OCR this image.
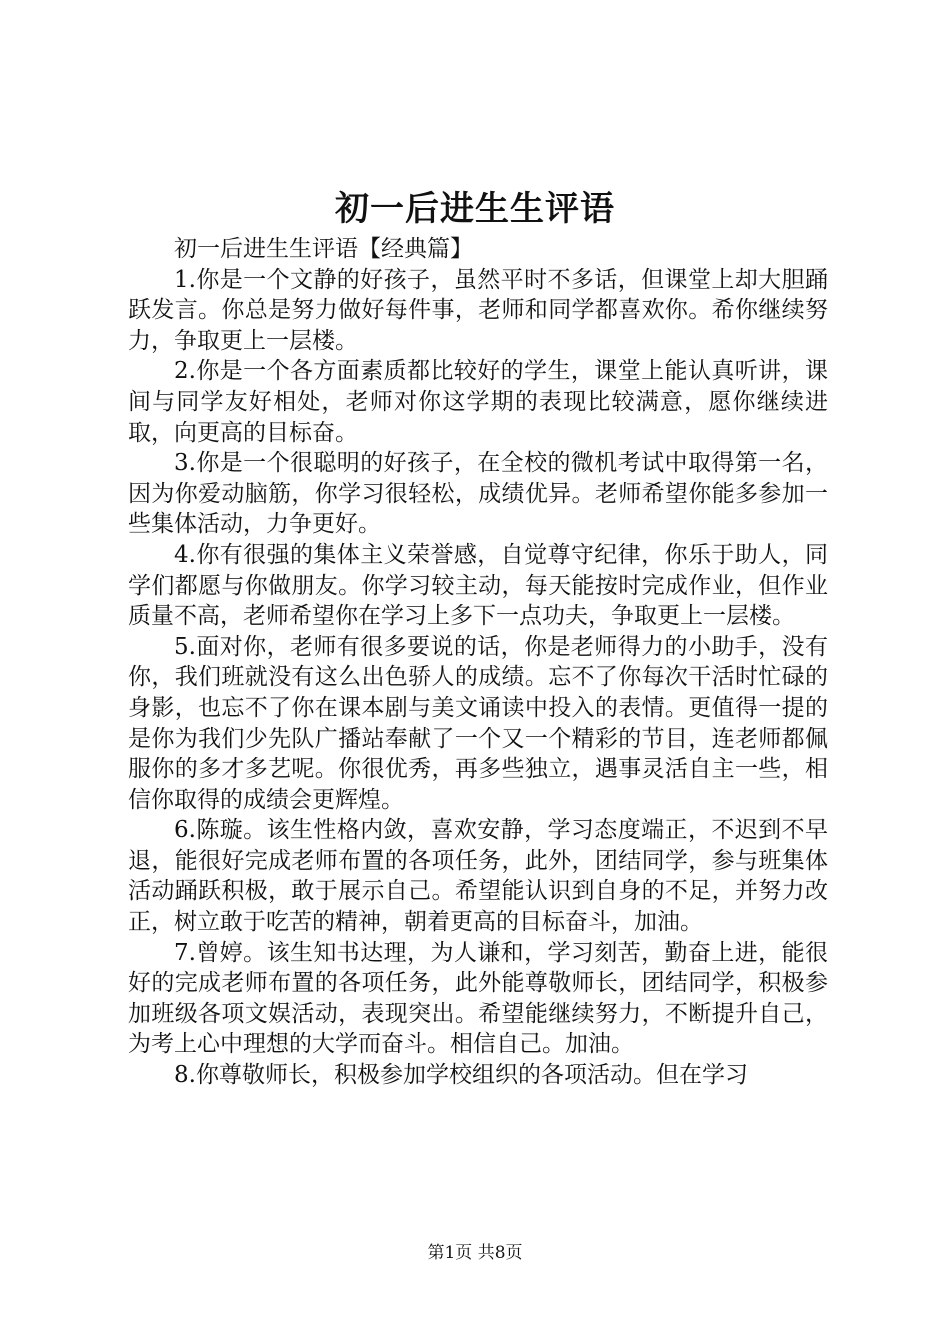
初一后进生生评语

初一后进生生评语【经典篇】

1.你是一个文静的好孩子，虽然平时不多话，但课堂上却大胆踊跃发言。你总是努力做好每件事，老师和同学都喜欢你。希你继续努力，争取更上一层楼。

2.你是一个各方面素质都比较好的学生，课堂上能认真听讲，课间与同学友好相处，老师对你这学期的表现比较满意，愿你继续进取，向更高的目标奋。

3.你是一个很聪明的好孩子，在全校的微机考试中取得第一名，因为你爱动脑筋，你学习很轻松，成绩优异。老师希望你能多参加一些集体活动，力争更好。

4.你有很强的集体主义荣誉感，自觉尊守纪律，你乐于助人，同学们都愿与你做朋友。你学习较主动，每天能按时完成作业，但作业质量不高，老师希望你在学习上多下一点功夫，争取更上一层楼。

5.面对你，老师有很多要说的话，你是老师得力的小助手，没有你，我们班就没有这么出色骄人的成绩。忘不了你每次干活时忙碌的身影，也忘不了你在课本剧与美文诵读中投入的表情。更值得一提的是你为我们少先队广播站奉献了一个又一个精彩的节目，连老师都佩服你的多才多艺呢。你很优秀，再多些独立，遇事灵活自主一些，相信你取得的成绩会更辉煌。

6.陈璇。该生性格内敛，喜欢安静，学习态度端正，不迟到不早退，能很好完成老师布置的各项任务，此外，团结同学，参与班集体活动踊跃积极，敢于展示自己。希望能认识到自身的不足，并努力改正，树立敢于吃苦的精神，朝着更高的目标奋斗，加油。

7.曾婷。该生知书达理，为人谦和，学习刻苦，勤奋上进，能很好的完成老师布置的各项任务，此外能尊敬师长，团结同学，积极参加班级各项文娱活动，表现突出。希望能继续努力，不断提升自己，为考上心中理想的大学而奋斗。相信自己。加油。

8.你尊敬师长，积极参加学校组织的各项活动。但在学习

第1页 共8页
